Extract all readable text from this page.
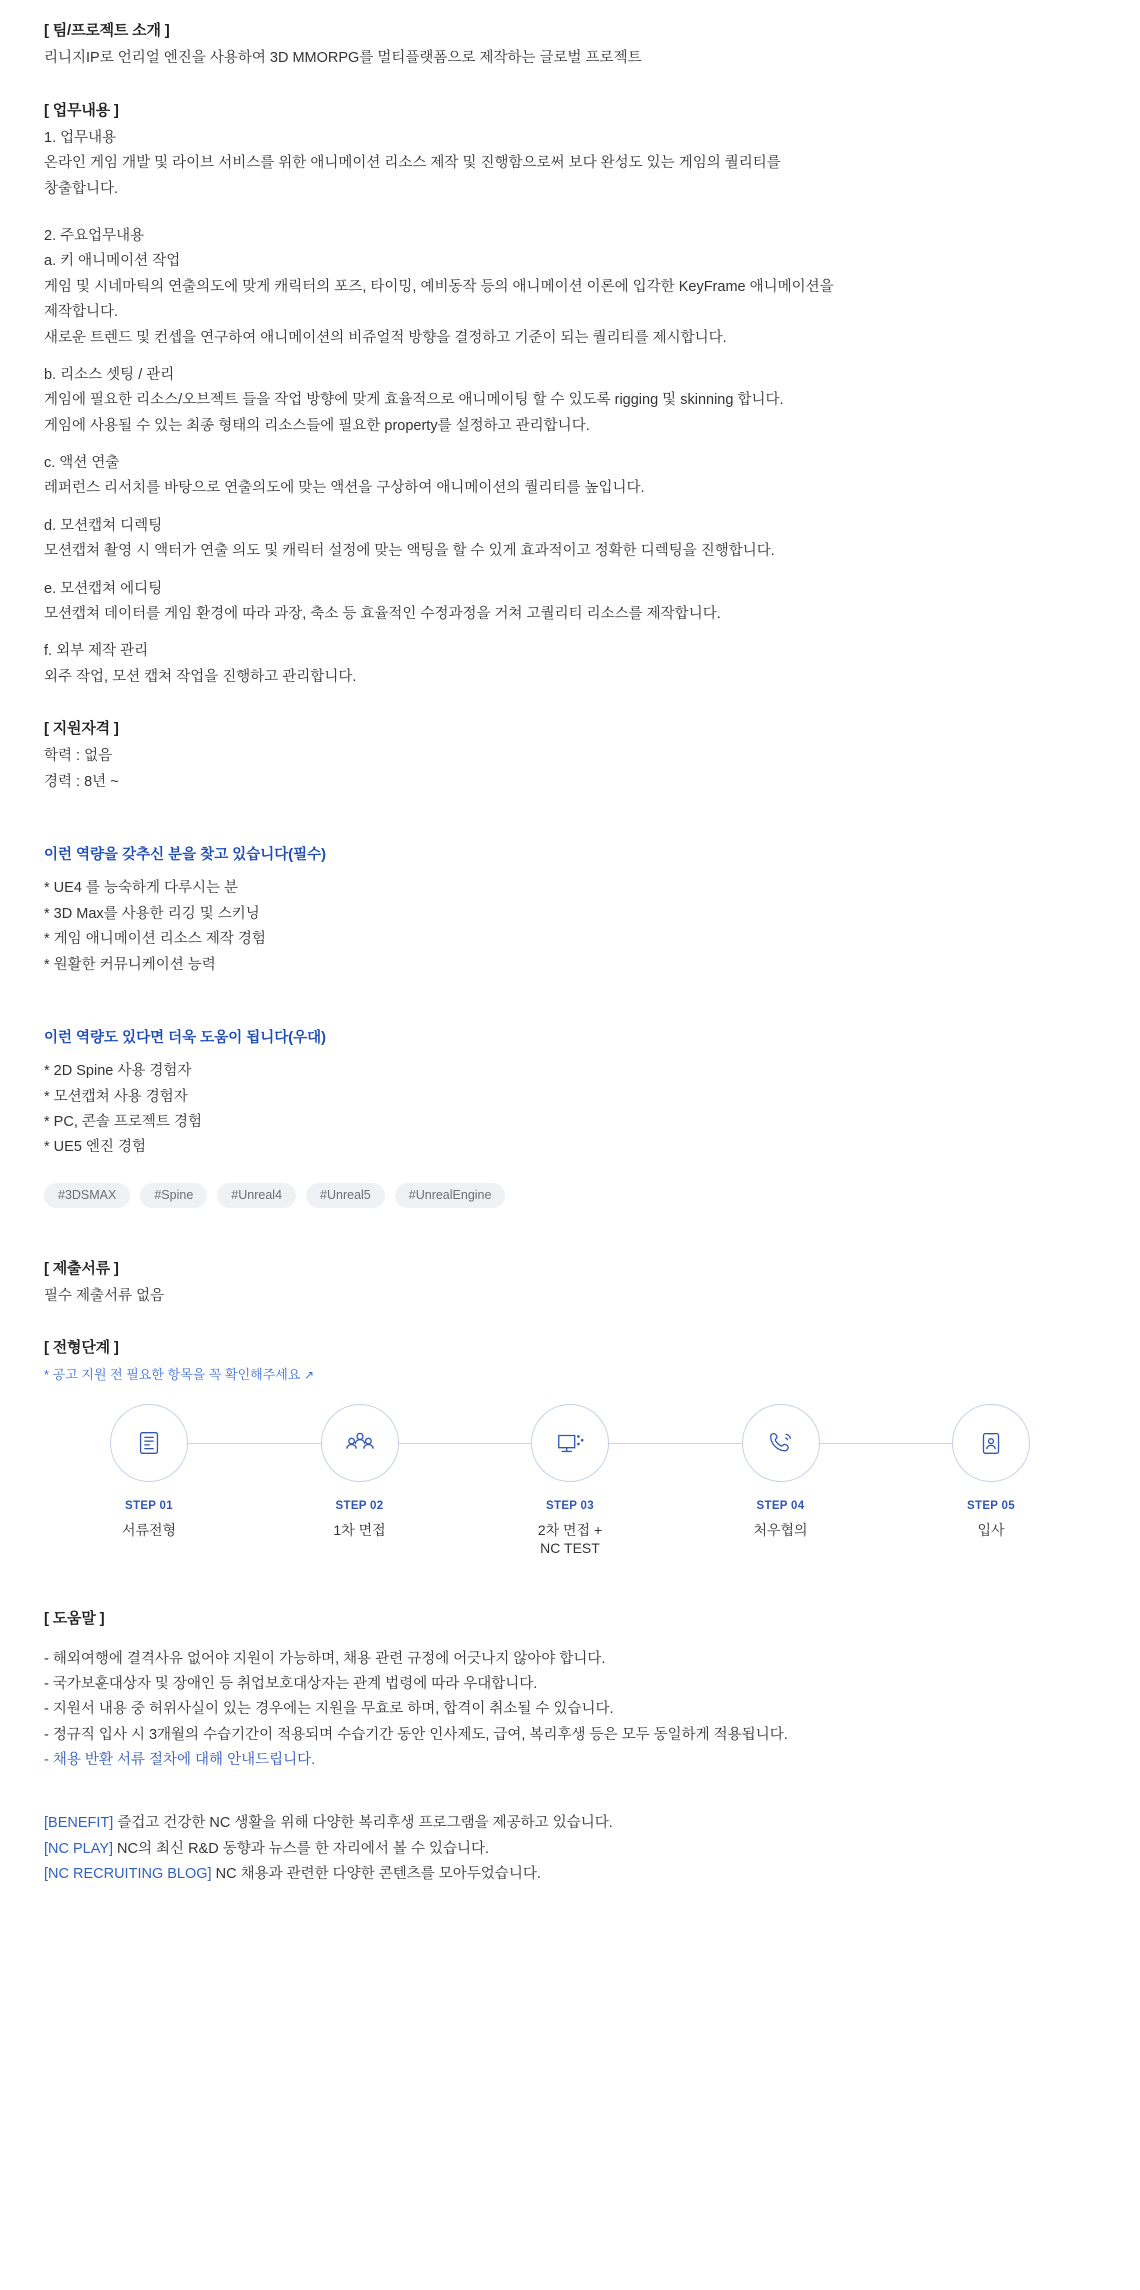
[ 팀/프로젝트 소개 ]

리니지IP로 언리얼 엔진을 사용하여 3D MMORPG를 멀티플랫폼으로 제작하는 글로벌 프로젝트

[ 업무내용 ]

1. 업무내용

온라인 게임 개발 및 라이브 서비스를 위한 애니메이션 리소스 제작 및 진행함으로써 보다 완성도 있는 게임의 퀄리티를

창출합니다.

2. 주요업무내용

a. 키 애니메이션 작업

게임 및 시네마틱의 연출의도에 맞게 캐릭터의 포즈, 타이밍, 예비동작 등의 애니메이션 이론에 입각한 KeyFrame 애니메이션을

제작합니다.

새로운 트렌드 및 컨셉을 연구하여 애니메이션의 비쥬얼적 방향을 결정하고 기준이 되는 퀄리티를 제시합니다.

b. 리소스 셋팅 / 관리

게임에 필요한 리소스/오브젝트 들을 작업 방향에 맞게 효율적으로 애니메이팅 할 수 있도록 rigging 및 skinning 합니다.

게임에 사용될 수 있는 최종 형태의 리소스들에 필요한 property를 설정하고 관리합니다.

c. 액션 연출

레퍼런스 리서치를 바탕으로 연출의도에 맞는 액션을 구상하여 애니메이션의 퀄리티를 높입니다.

d. 모션캡쳐 디렉팅

모션캡쳐 촬영 시 액터가 연출 의도 및 캐릭터 설정에 맞는 액팅을 할 수 있게 효과적이고 정확한 디렉팅을 진행합니다.

e. 모션캡쳐 에디팅

모션캡쳐 데이터를 게임 환경에 따라 과장, 축소 등 효율적인 수정과정을 거쳐 고퀄리티 리소스를 제작합니다.

f. 외부 제작 관리

외주 작업, 모션 캡쳐 작업을 진행하고 관리합니다.

[ 지원자격 ]

학력 : 없음

경력 : 8년 ~

이런 역량을 갖추신 분을 찾고 있습니다(필수)

* UE4 를 능숙하게 다루시는 분

* 3D Max를 사용한 리깅 및 스키닝

* 게임 애니메이션 리소스 제작 경험

* 원활한 커뮤니케이션 능력

이런 역량도 있다면 더욱 도움이 됩니다(우대)

* 2D Spine 사용 경험자

* 모션캡쳐 사용 경험자

* PC, 콘솔 프로젝트 경험

* UE5 엔진 경험

#3DSMAX	#Spine	#Unreal4	#Unreal5	#UnrealEngine

[ 제출서류 ]

필수 제출서류 없음

[ 전형단계 ]

* 공고 지원 전 필요한 항목을 꼭 확인해주세요 ↗

STEP 01
서류전형
STEP 02
1차 면접
STEP 03
2차 면접 +
NC TEST
STEP 04
처우협의
STEP 05
입사

[ 도움말 ]

- 해외여행에 결격사유 없어야 지원이 가능하며, 채용 관련 규정에 어긋나지 않아야 합니다.

- 국가보훈대상자 및 장애인 등 취업보호대상자는 관계 법령에 따라 우대합니다.

- 지원서 내용 중 허위사실이 있는 경우에는 지원을 무효로 하며, 합격이 취소될 수 있습니다.

- 정규직 입사 시 3개월의 수습기간이 적용되며 수습기간 동안 인사제도, 급여, 복리후생 등은 모두 동일하게 적용됩니다.

- 채용 반환 서류 절차에 대해 안내드립니다.

[BENEFIT] 즐겁고 건강한 NC 생활을 위해 다양한 복리후생 프로그램을 제공하고 있습니다.

[NC PLAY] NC의 최신 R&D 동향과 뉴스를 한 자리에서 볼 수 있습니다.

[NC RECRUITING BLOG] NC 채용과 관련한 다양한 콘텐츠를 모아두었습니다.
